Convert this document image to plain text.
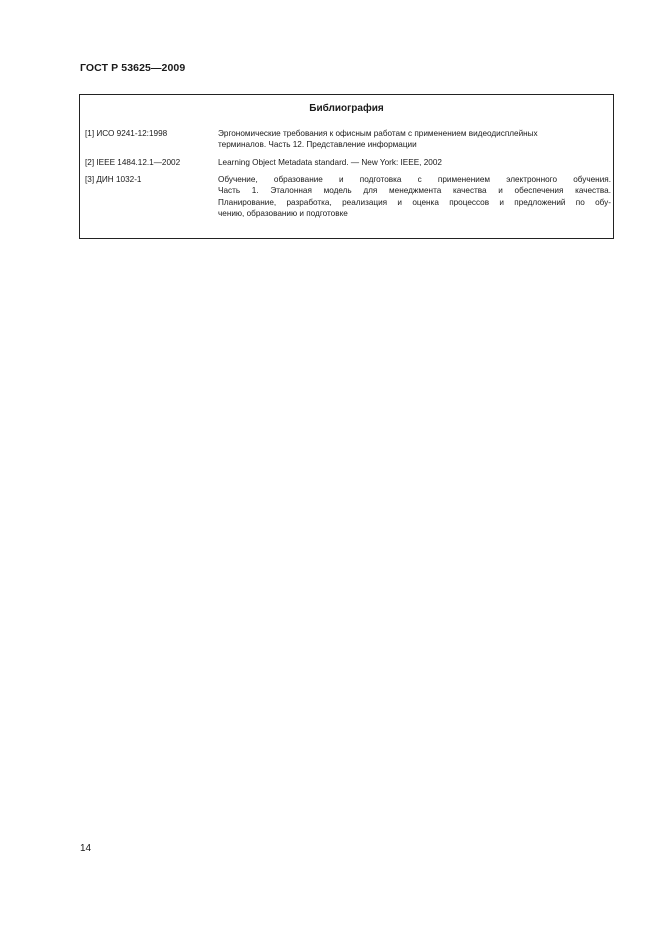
ГОСТ Р 53625—2009
Библиография
[1] ИСО 9241-12:1998	Эргономические требования к офисным работам с применением видеодисплейных
терминалов. Часть 12. Представление информации
[2] IEEE 1484.12.1—2002	Learning Object Metadata standard. — New York: IEEE, 2002
[3] ДИН 1032-1	Обучение, образование и подготовка с применением электронного обучения.
Часть 1. Эталонная модель для менеджмента качества и обеспечения качества.
Планирование, разработка, реализация и оценка процессов и предложений по обу-
чению, образованию и подготовке
14
